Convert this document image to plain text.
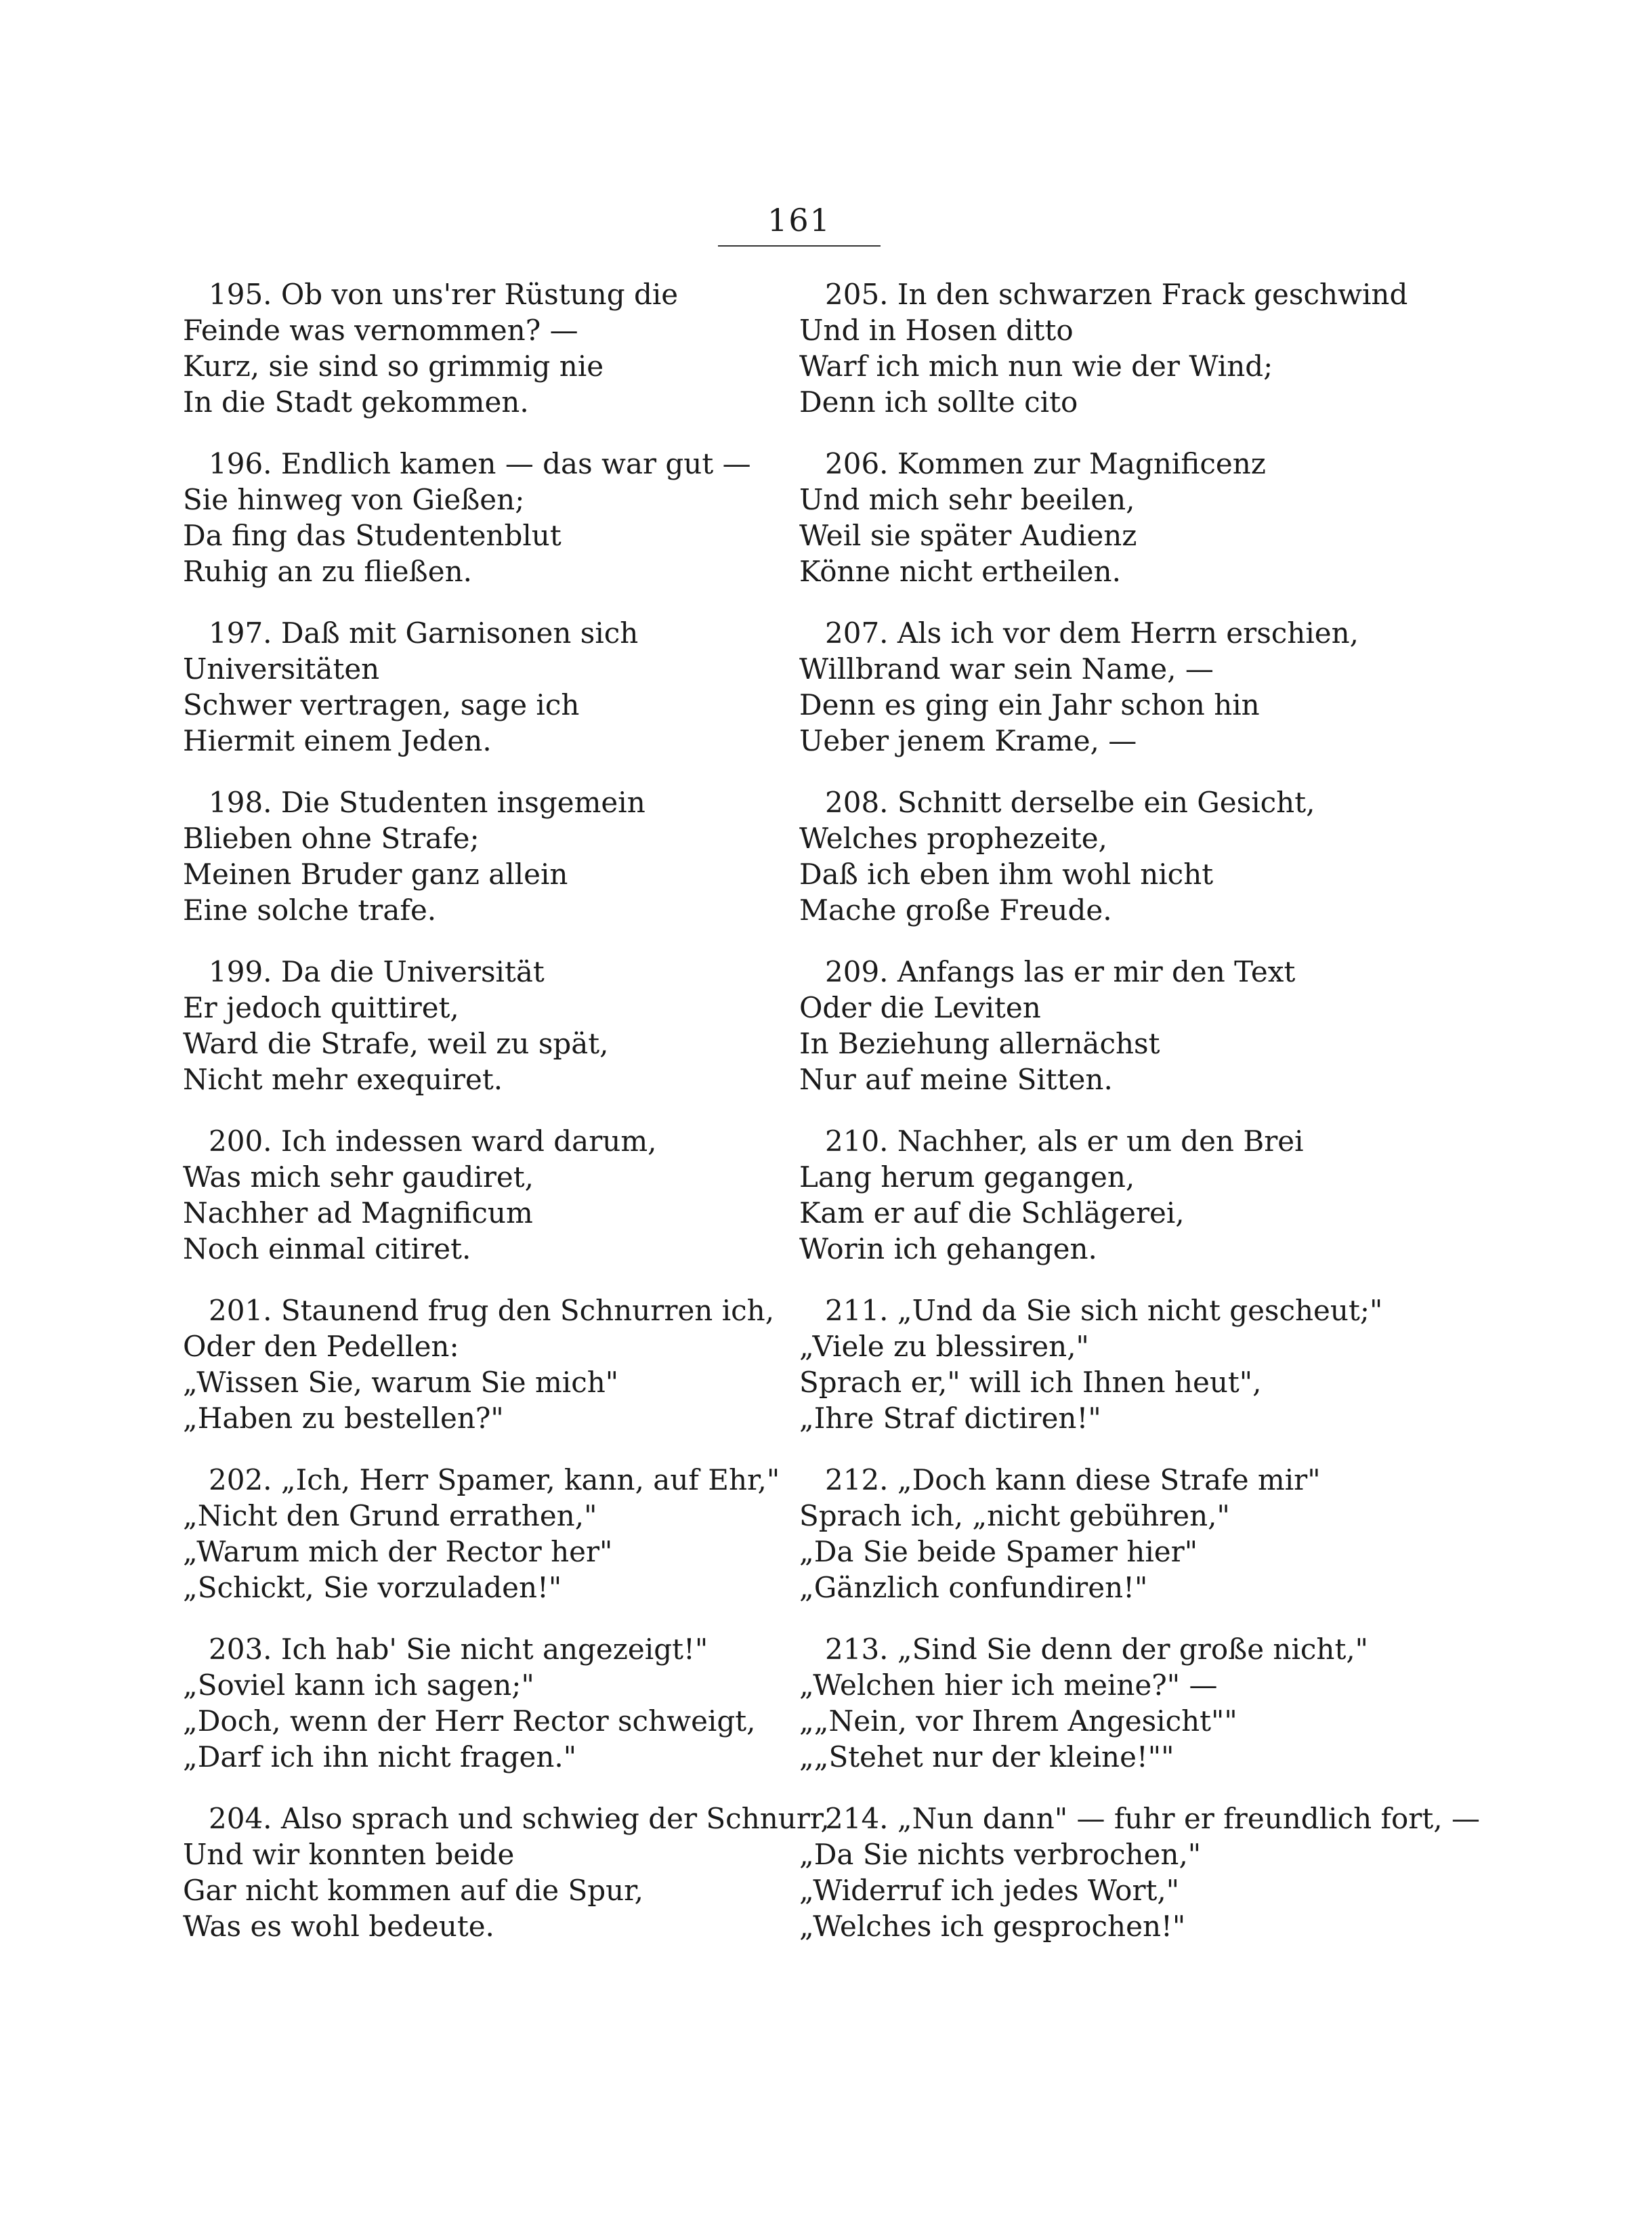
161
195. Ob von uns'rer Rüstung die
Feinde was vernommen? —
Kurz, sie sind so grimmig nie
In die Stadt gekommen.
196. Endlich kamen — das war gut —
Sie hinweg von Gießen;
Da fing das Studentenblut
Ruhig an zu fließen.
197. Daß mit Garnisonen sich
Universitäten
Schwer vertragen, sage ich
Hiermit einem Jeden.
198. Die Studenten insgemein
Blieben ohne Strafe;
Meinen Bruder ganz allein
Eine solche trafe.
199. Da die Universität
Er jedoch quittiret,
Ward die Strafe, weil zu spät,
Nicht mehr exequiret.
200. Ich indessen ward darum,
Was mich sehr gaudiret,
Nachher ad Magnificum
Noch einmal citiret.
201. Staunend frug den Schnurren ich,
Oder den Pedellen:
„Wissen Sie, warum Sie mich"
„Haben zu bestellen?"
202. „Ich, Herr Spamer, kann, auf Ehr,"
„Nicht den Grund errathen,"
„Warum mich der Rector her"
„Schickt, Sie vorzuladen!"
203. Ich hab' Sie nicht angezeigt!"
„Soviel kann ich sagen;"
„Doch, wenn der Herr Rector schweigt,
„Darf ich ihn nicht fragen."
204. Also sprach und schwieg der Schnurr,
Und wir konnten beide
Gar nicht kommen auf die Spur,
Was es wohl bedeute.
205. In den schwarzen Frack geschwind
Und in Hosen ditto
Warf ich mich nun wie der Wind;
Denn ich sollte cito
206. Kommen zur Magnificenz
Und mich sehr beeilen,
Weil sie später Audienz
Könne nicht ertheilen.
207. Als ich vor dem Herrn erschien,
Willbrand war sein Name, —
Denn es ging ein Jahr schon hin
Ueber jenem Krame, —
208. Schnitt derselbe ein Gesicht,
Welches prophezeite,
Daß ich eben ihm wohl nicht
Mache große Freude.
209. Anfangs las er mir den Text
Oder die Leviten
In Beziehung allernächst
Nur auf meine Sitten.
210. Nachher, als er um den Brei
Lang herum gegangen,
Kam er auf die Schlägerei,
Worin ich gehangen.
211. „Und da Sie sich nicht gescheut;"
„Viele zu blessiren,"
Sprach er," will ich Ihnen heut",
„Ihre Straf dictiren!"
212. „Doch kann diese Strafe mir"
Sprach ich, „nicht gebühren,"
„Da Sie beide Spamer hier"
„Gänzlich confundiren!"
213. „Sind Sie denn der große nicht,"
„Welchen hier ich meine?" —
„„Nein, vor Ihrem Angesicht""
„„Stehet nur der kleine!""
214. „Nun dann" — fuhr er freundlich fort, —
„Da Sie nichts verbrochen,"
„Widerruf ich jedes Wort,"
„Welches ich gesprochen!"
